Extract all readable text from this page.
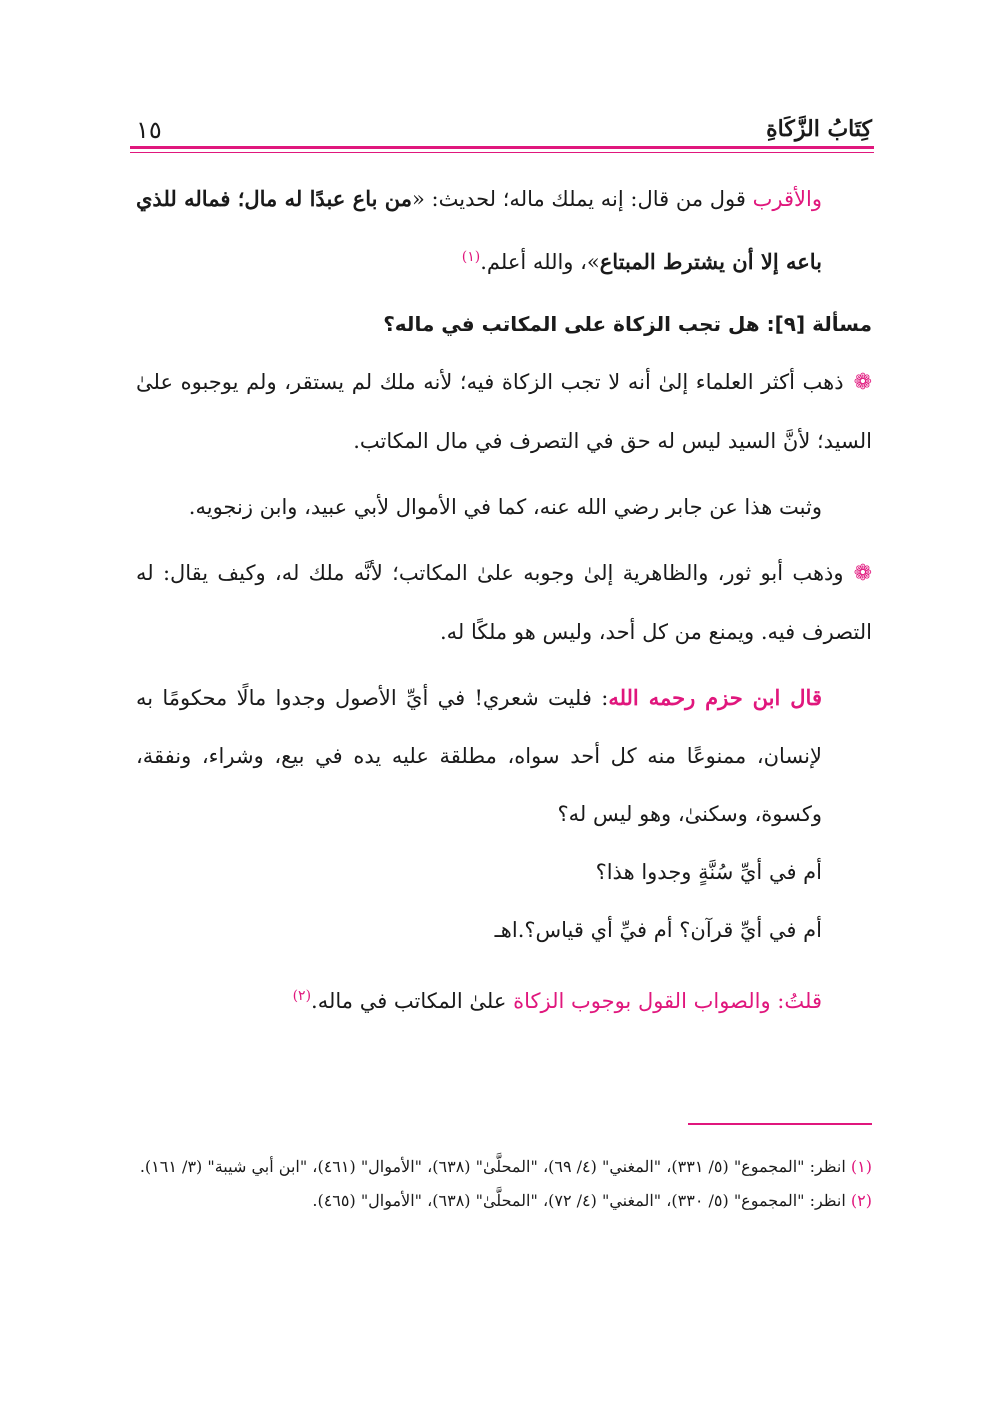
كِتَابُ الزَّكَاةِ
١٥

والأقرب قول من قال: إنه يملك ماله؛ لحديث: «من باع عبدًا له مال؛ فماله للذي باعه إلا أن يشترط المبتاع»، والله أعلم.$^{(١)}$

مسألة [٩]: هل تجب الزكاة على المكاتب في ماله؟

❁ذهب أكثر العلماء إلىٰ أنه لا تجب الزكاة فيه؛ لأنه ملك لم يستقر، ولم يوجبوه علىٰ السيد؛ لأنَّ السيد ليس له حق في التصرف في مال المكاتب.

وثبت هذا عن جابر رضي الله عنه، كما في الأموال لأبي عبيد، وابن زنجويه.

❁وذهب أبو ثور، والظاهرية إلىٰ وجوبه علىٰ المكاتب؛ لأنَّه ملك له، وكيف يقال: له التصرف فيه. ويمنع من كل أحد، وليس هو ملكًا له.

قال ابن حزم رحمه الله: فليت شعري! في أيِّ الأصول وجدوا مالًا محكومًا به لإنسان، ممنوعًا منه كل أحد سواه، مطلقة عليه يده في بيع، وشراء، ونفقة، وكسوة، وسكنىٰ، وهو ليس له؟

أم في أيِّ سُنَّةٍ وجدوا هذا؟

أم في أيِّ قرآن؟ أم فيِّ أي قياس؟.اهـ

قلتُ: والصواب القول بوجوب الزكاة علىٰ المكاتب في ماله.$^{(٢)}$

(١) انظر: "المجموع" (٥/ ٣٣١)، "المغني" (٤/ ٦٩)، "المحلَّىٰ" (٦٣٨)، "الأموال" (٤٦١)، "ابن أبي شيبة" (٣/ ١٦١).

(٢) انظر: "المجموع" (٥/ ٣٣٠)، "المغني" (٤/ ٧٢)، "المحلَّىٰ" (٦٣٨)، "الأموال" (٤٦٥).
